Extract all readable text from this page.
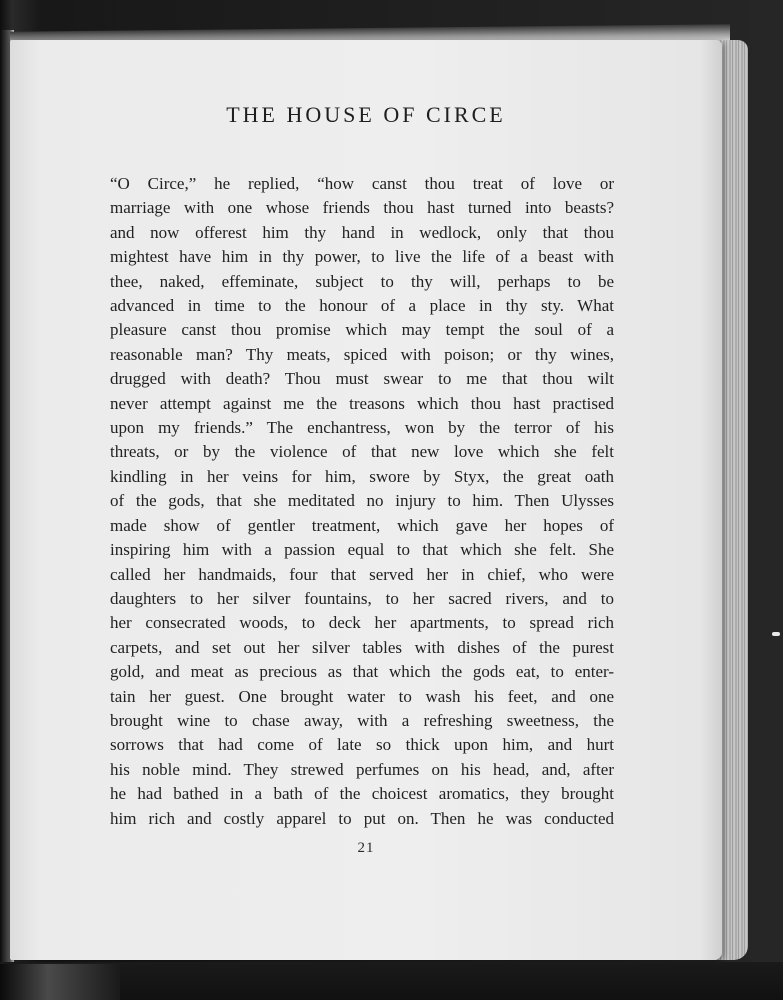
THE HOUSE OF CIRCE
“O Circe,” he replied, “how canst thou treat of love or
marriage with one whose friends thou hast turned into beasts?
and now offerest him thy hand in wedlock, only that thou
mightest have him in thy power, to live the life of a beast with
thee, naked, effeminate, subject to thy will, perhaps to be
advanced in time to the honour of a place in thy sty. What
pleasure canst thou promise which may tempt the soul of a
reasonable man? Thy meats, spiced with poison; or thy wines,
drugged with death? Thou must swear to me that thou wilt
never attempt against me the treasons which thou hast practised
upon my friends.” The enchantress, won by the terror of his
threats, or by the violence of that new love which she felt
kindling in her veins for him, swore by Styx, the great oath
of the gods, that she meditated no injury to him. Then Ulysses
made show of gentler treatment, which gave her hopes of
inspiring him with a passion equal to that which she felt. She
called her handmaids, four that served her in chief, who were
daughters to her silver fountains, to her sacred rivers, and to
her consecrated woods, to deck her apartments, to spread rich
carpets, and set out her silver tables with dishes of the purest
gold, and meat as precious as that which the gods eat, to enter-
tain her guest. One brought water to wash his feet, and one
brought wine to chase away, with a refreshing sweetness, the
sorrows that had come of late so thick upon him, and hurt
his noble mind. They strewed perfumes on his head, and, after
he had bathed in a bath of the choicest aromatics, they brought
him rich and costly apparel to put on. Then he was conducted
21
